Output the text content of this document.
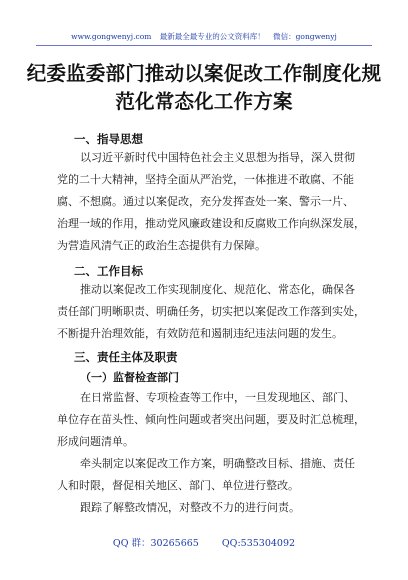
www.gongwenyj.com 最新最全最专业的公文资料库！ 微信：gongwenyj
纪委监委部门推动以案促改工作制度化规
范化常态化工作方案
一、指导思想
以习近平新时代中国特色社会主义思想为指导，深入贯彻
党的二十大精神，坚持全面从严治党，一体推进不敢腐、不能
腐、不想腐。通过以案促改，充分发挥查处一案、警示一片、
治理一域的作用，推动党风廉政建设和反腐败工作向纵深发展，
为营造风清气正的政治生态提供有力保障。
二、工作目标
推动以案促改工作实现制度化、规范化、常态化，确保各
责任部门明晰职责、明确任务，切实把以案促改工作落到实处，
不断提升治理效能，有效防范和遏制违纪违法问题的发生。
三、责任主体及职责
（一）监督检查部门
在日常监督、专项检查等工作中，一旦发现地区、部门、
单位存在苗头性、倾向性问题或者突出问题，要及时汇总梳理，
形成问题清单。
牵头制定以案促改工作方案，明确整改目标、措施、责任
人和时限，督促相关地区、部门、单位进行整改。
跟踪了解整改情况，对整改不力的进行问责。
QQ 群：30265665 QQ:535304092
